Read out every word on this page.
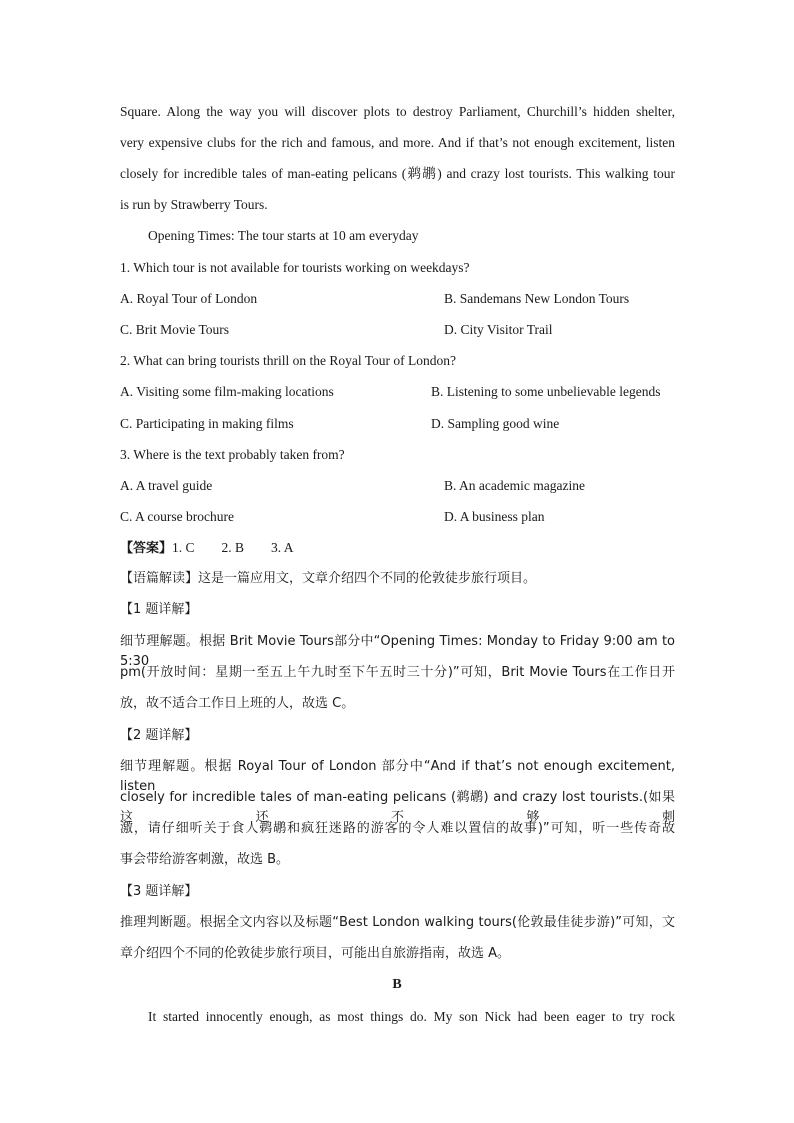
Square. Along the way you will discover plots to destroy Parliament, Churchill’s hidden shelter,
very expensive clubs for the rich and famous, and more. And if that’s not enough excitement, listen
closely for incredible tales of man-eating pelicans (鹈鹕) and crazy lost tourists. This walking tour
is run by Strawberry Tours.
Opening Times: The tour starts at 10 am everyday
1. Which tour is not available for tourists working on weekdays?
A. Royal Tour of London	B. Sandemans New London Tours
C. Brit Movie Tours	D. City Visitor Trail
2. What can bring tourists thrill on the Royal Tour of London?
A. Visiting some film-making locations	B. Listening to some unbelievable legends
C. Participating in making films	D. Sampling good wine
3. Where is the text probably taken from?
A. A travel guide	B. An academic magazine
C. A course brochure	D. A business plan
【答案】1. C        2. B        3. A
【语篇解读】这是一篇应用文，文章介绍四个不同的伦敦徒步旅行项目。
【1 题详解】
细节理解题。根据 Brit Movie Tours部分中“Opening Times: Monday to Friday 9:00 am to 5:30
pm(开放时间：星期一至五上午九时至下午五时三十分)”可知，Brit Movie Tours在工作日开
放，故不适合工作日上班的人，故选 C。
【2 题详解】
细节理解题。根据 Royal Tour of London 部分中“And if that’s not enough excitement, listen
closely for incredible tales of man-eating pelicans (鹈鹕) and crazy lost tourists.(如果这还不够刺
激，请仔细听关于食人鹈鹕和疯狂迷路的游客的令人难以置信的故事)”可知，听一些传奇故
事会带给游客刺激，故选 B。
【3 题详解】
推理判断题。根据全文内容以及标题“Best London walking tours(伦敦最佳徒步游)”可知，文
章介绍四个不同的伦敦徒步旅行项目，可能出自旅游指南，故选 A。
B
It started innocently enough, as most things do. My son Nick had been eager to try rock
